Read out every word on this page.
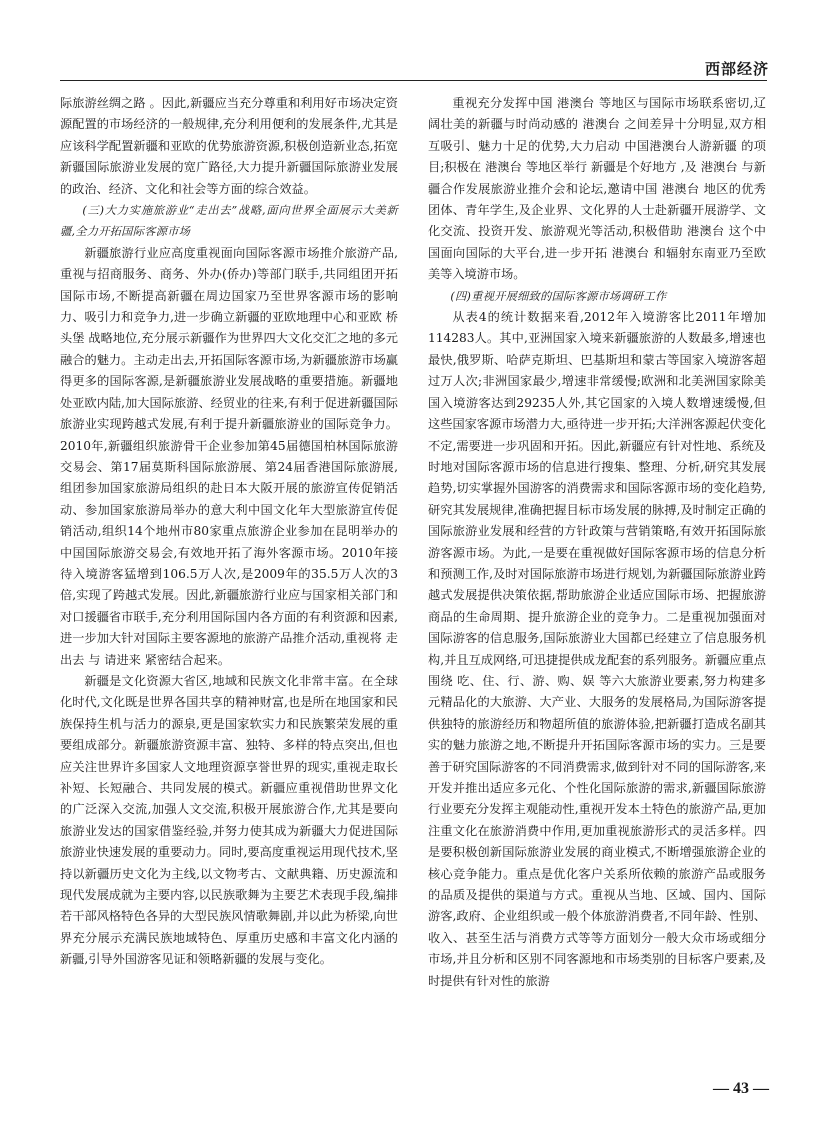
西部经济

际旅游丝绸之路 。因此,新疆应当充分尊重和利用好市场决定资源配置的市场经济的一般规律,充分利用便利的发展条件,尤其是应该科学配置新疆和亚欧的优势旅游资源,积极创造新业态,拓宽新疆国际旅游业发展的宽广路径,大力提升新疆国际旅游业发展的政治、经济、文化和社会等方面的综合效益。

(三)大力实施旅游业“走出去”战略,面向世界全面展示大美新疆,全力开拓国际客源市场

新疆旅游行业应高度重视面向国际客源市场推介旅游产品,重视与招商服务、商务、外办(侨办)等部门联手,共同组团开拓国际市场,不断提高新疆在周边国家乃至世界客源市场的影响力、吸引力和竞争力,进一步确立新疆的亚欧地理中心和亚欧 桥头堡 战略地位,充分展示新疆作为世界四大文化交汇之地的多元融合的魅力。主动走出去,开拓国际客源市场,为新疆旅游市场赢得更多的国际客源,是新疆旅游业发展战略的重要措施。新疆地处亚欧内陆,加大国际旅游、经贸业的往来,有利于促进新疆国际旅游业实现跨越式发展,有利于提升新疆旅游业的国际竞争力。2010年,新疆组织旅游骨干企业参加第45届德国柏林国际旅游交易会、第17届莫斯科国际旅游展、第24届香港国际旅游展,组团参加国家旅游局组织的赴日本大阪开展的旅游宣传促销活动、参加国家旅游局举办的意大利中国文化年大型旅游宣传促销活动,组织14个地州市80家重点旅游企业参加在昆明举办的中国国际旅游交易会,有效地开拓了海外客源市场。2010年接待入境游客猛增到106.5万人次,是2009年的35.5万人次的3倍,实现了跨越式发展。因此,新疆旅游行业应与国家相关部门和对口援疆省市联手,充分利用国际国内各方面的有利资源和因素,进一步加大针对国际主要客源地的旅游产品推介活动,重视将 走出去 与 请进来 紧密结合起来。

新疆是文化资源大省区,地域和民族文化非常丰富。在全球化时代,文化既是世界各国共享的精神财富,也是所在地国家和民族保持生机与活力的源泉,更是国家软实力和民族繁荣发展的重要组成部分。新疆旅游资源丰富、独特、多样的特点突出,但也应关注世界许多国家人文地理资源享誉世界的现实,重视走取长补短、长短融合、共同发展的模式。新疆应重视借助世界文化的广泛深入交流,加强人文交流,积极开展旅游合作,尤其是要向旅游业发达的国家借鉴经验,并努力使其成为新疆大力促进国际旅游业快速发展的重要动力。同时,要高度重视运用现代技术,坚持以新疆历史文化为主线,以文物考古、文献典籍、历史源流和现代发展成就为主要内容,以民族歌舞为主要艺术表现手段,编排若干部风格特色各异的大型民族风情歌舞剧,并以此为桥梁,向世界充分展示充满民族地域特色、厚重历史感和丰富文化内涵的新疆,引导外国游客见证和领略新疆的发展与变化。

重视充分发挥中国 港澳台 等地区与国际市场联系密切,辽阔壮美的新疆与时尚动感的 港澳台 之间差异十分明显,双方相互吸引、魅力十足的优势,大力启动 中国港澳台人游新疆 的项目;积极在 港澳台 等地区举行 新疆是个好地方 ,及 港澳台 与新疆合作发展旅游业推介会和论坛,邀请中国 港澳台 地区的优秀团体、青年学生,及企业界、文化界的人士赴新疆开展游学、文化交流、投资开发、旅游观光等活动,积极借助 港澳台 这个中国面向国际的大平台,进一步开拓 港澳台 和辐射东南亚乃至欧美等入境游市场。

(四)重视开展细致的国际客源市场调研工作

从表4的统计数据来看,2012年入境游客比2011年增加114283人。其中,亚洲国家入境来新疆旅游的人数最多,增速也最快,俄罗斯、哈萨克斯坦、巴基斯坦和蒙古等国家入境游客超过万人次;非洲国家最少,增速非常缓慢;欧洲和北美洲国家除美国入境游客达到29235人外,其它国家的入境人数增速缓慢,但这些国家客源市场潜力大,亟待进一步开拓;大洋洲客源起伏变化不定,需要进一步巩固和开拓。因此,新疆应有针对性地、系统及时地对国际客源市场的信息进行搜集、整理、分析,研究其发展趋势,切实掌握外国游客的消费需求和国际客源市场的变化趋势,研究其发展规律,准确把握目标市场发展的脉搏,及时制定正确的国际旅游业发展和经营的方针政策与营销策略,有效开拓国际旅游客源市场。为此,一是要在重视做好国际客源市场的信息分析和预测工作,及时对国际旅游市场进行规划,为新疆国际旅游业跨越式发展提供决策依据,帮助旅游企业适应国际市场、把握旅游商品的生命周期、提升旅游企业的竞争力。二是重视加强面对国际游客的信息服务,国际旅游业大国都已经建立了信息服务机构,并且互成网络,可迅捷提供成龙配套的系列服务。新疆应重点围绕 吃、住、行、游、购、娱 等六大旅游业要素,努力构建多元精品化的大旅游、大产业、大服务的发展格局,为国际游客提供独特的旅游经历和物超所值的旅游体验,把新疆打造成名副其实的魅力旅游之地,不断提升开拓国际客源市场的实力。三是要善于研究国际游客的不同消费需求,做到针对不同的国际游客,来开发并推出适应多元化、个性化国际旅游的需求,新疆国际旅游行业要充分发挥主观能动性,重视开发本土特色的旅游产品,更加注重文化在旅游消费中作用,更加重视旅游形式的灵活多样。四是要积极创新国际旅游业发展的商业模式,不断增强旅游企业的核心竞争能力。重点是优化客户关系所依赖的旅游产品或服务的品质及提供的渠道与方式。重视从当地、区域、国内、国际游客,政府、企业组织或一般个体旅游消费者,不同年龄、性别、收入、甚至生活与消费方式等等方面划分一般大众市场或细分市场,并且分析和区别不同客源地和市场类别的目标客户要素,及时提供有针对性的旅游

— 43 —
